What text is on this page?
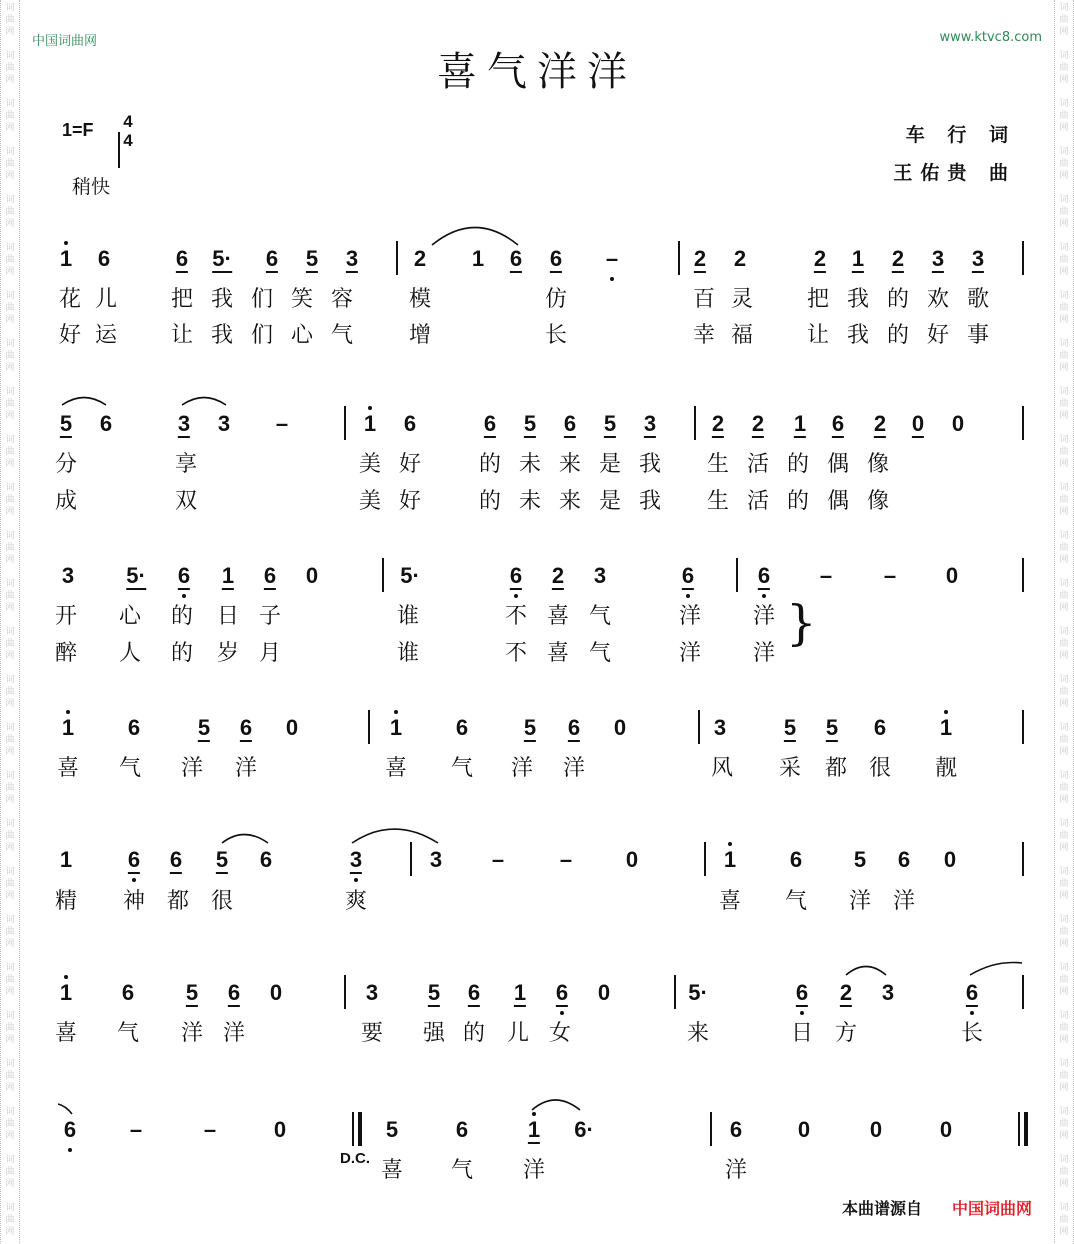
词
曲
网

词
曲
网

词
曲
网

词
曲
网

词
曲
网

词
曲
网

词
曲
网

词
曲
网

词
曲
网

词
曲
网

词
曲
网

词
曲
网

词
曲
网

词
曲
网

词
曲
网

词
曲
网

词
曲
网

词
曲
网

词
曲
网

词
曲
网

词
曲
网

词
曲
网

词
曲
网

词
曲
网

词
曲
网

词
曲
网

词
曲
网

词
曲
网

词
曲
网

词
曲
网

词
曲
网

词
曲
网

词
曲
网

词
曲
网

词
曲
网

词
曲
网

词
曲
网

词
曲
网

词
曲
网

词
曲
网

词
曲
网

词
曲
网

词
曲
网

词
曲
网

词
曲
网

词
曲
网

词
曲
网

词
曲
网

词
曲
网

词
曲
网

词
曲
网

词
曲
网

中国词曲网	www.ktvc8.com
喜气洋洋
1=F	4
4
稍快
车 行 词
王佑贵 曲
1 6	6 5· 6 5 3	2 1 6 6 –	2 2	2 1 2 3 3
花 儿 把 我 们 笑 容	模	仿	百 灵 把 我 的 欢 歌
好 运 让 我 们 心 气	增	长	幸 福 让 我 的 好 事
5 6	3 3 –	1 6	6 5 6 5 3	2 2 1 6 2 0 0
分	享	美 好	的 未 来 是 我 生 活 的 偶 像
成	双	美 好	的 未 来 是 我 生 活 的 偶 像
3 5· 6 1 6 0	5·	6 2 3	6	6 – – 0
开 心 的 日 子	谁	不 喜 气	洋 洋
醉 人 的 岁 月	谁	不 喜 气	洋 洋
1 6	5 6 0	1 6	5 6 0	3	5 5 6 1
喜 气 洋 洋	喜 气 洋 洋	风 采 都 很 靓
1	6 6 5 6	3	3 –	– 0	1 6 5 6 0
精 神 都 很	爽	喜 气 洋 洋
1 6 5 6 0	3 5 6 1 6 0	5·	6 2 3	6
喜 气 洋 洋	要 强 的 儿 女	来	日 方	长
6 –	–	0	5	6	1 6·	6	0	0	0
喜 气 洋	洋
}
D.C.
本曲谱源自 中国词曲网
